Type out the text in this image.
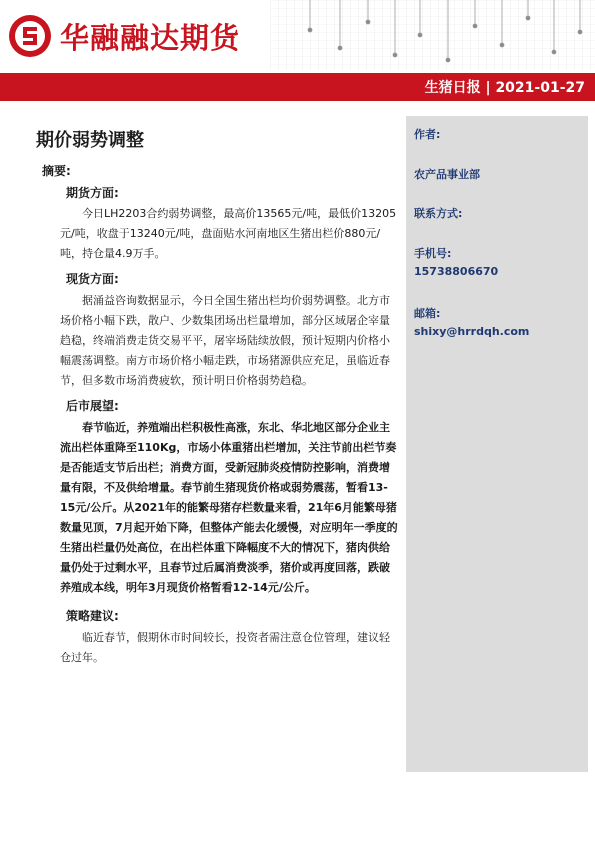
华融融达期货
生猪日报 | 2021-01-27
作者:
农产品事业部
联系方式:
手机号:
15738806670
邮箱:
shixy@hrrdqh.com
期价弱势调整
摘要:
期货方面:

今日LH2203合约弱势调整，最高价13565元/吨，最低价13205元/吨，收盘于13240元/吨，盘面贴水河南地区生猪出栏价880元/吨，持仓量4.9万手。

现货方面:

据涌益咨询数据显示，今日全国生猪出栏均价弱势调整。北方市场价格小幅下跌，散户、少数集团场出栏量增加，部分区域屠企宰量趋稳，终端消费走货交易平平，屠宰场陆续放假，预计短期内价格小幅震荡调整。南方市场价格小幅走跌，市场猪源供应充足，虽临近春节，但多数市场消费疲软，预计明日价格弱势趋稳。

后市展望:

春节临近，养殖端出栏积极性高涨，东北、华北地区部分企业主流出栏体重降至110Kg，市场小体重猪出栏增加，关注节前出栏节奏是否能适支节后出栏；消费方面，受新冠肺炎疫情防控影响，消费增量有限，不及供给增量。春节前生猪现货价格或弱势震荡，暂看13-15元/公斤。从2021年的能繁母猪存栏数量来看，21年6月能繁母猪数量见顶，7月起开始下降，但整体产能去化缓慢，对应明年一季度的生猪出栏量仍处高位，在出栏体重下降幅度不大的情况下，猪肉供给量仍处于过剩水平，且春节过后属消费淡季，猪价或再度回落，跌破养殖成本线，明年3月现货价格暂看12-14元/公斤。

策略建议:

临近春节，假期休市时间较长，投资者需注意仓位管理，建议轻仓过年。
